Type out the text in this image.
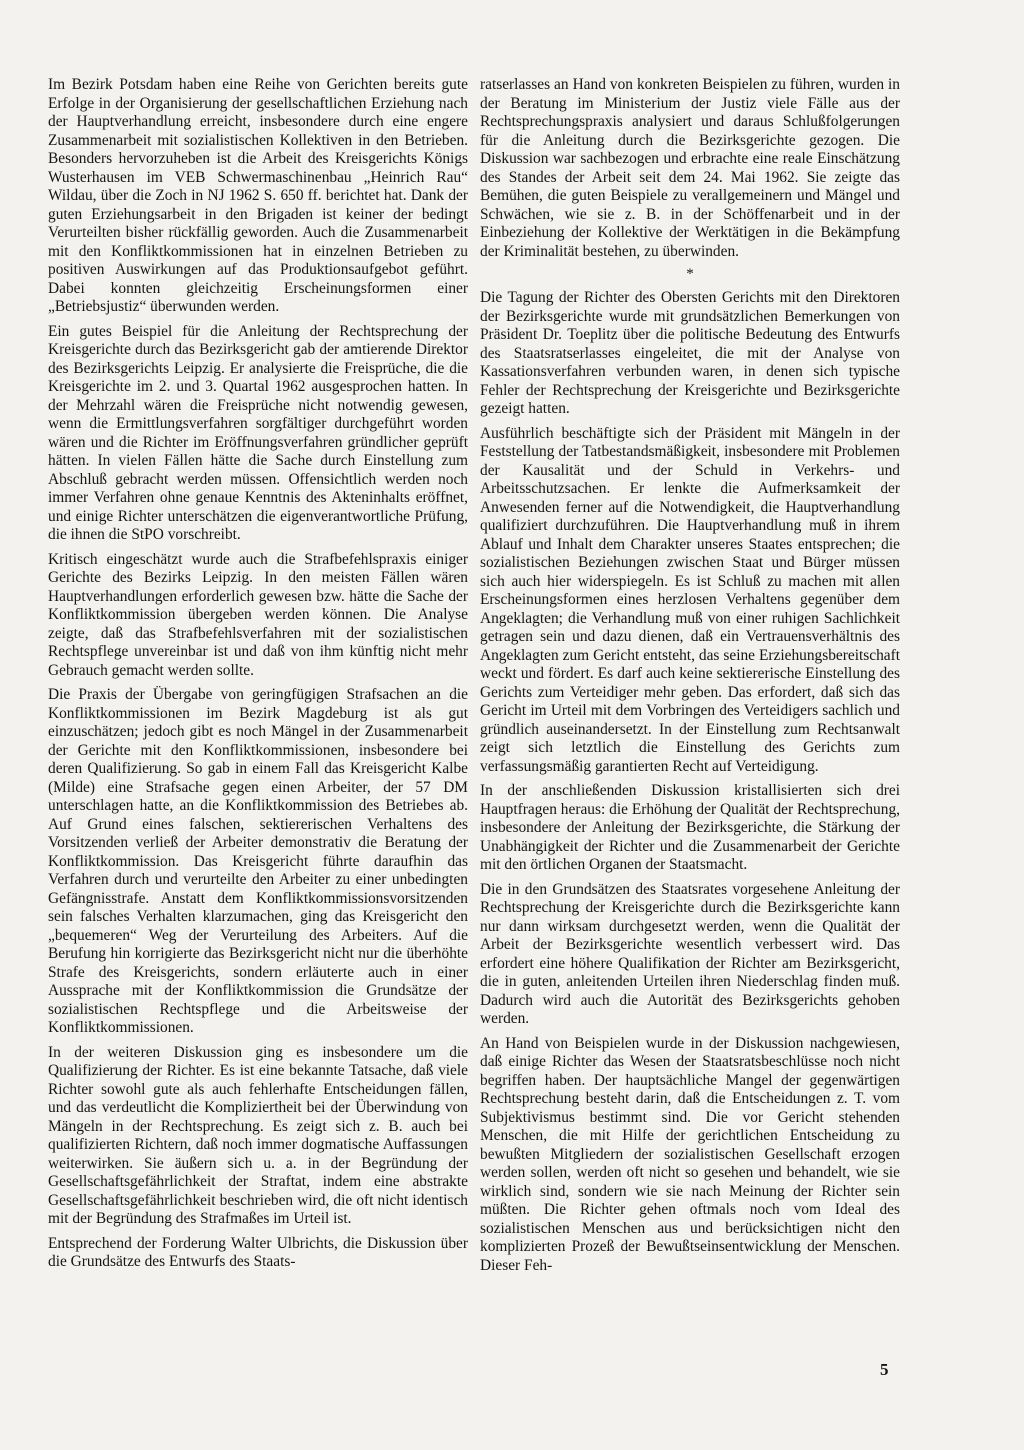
Im Bezirk Potsdam haben eine Reihe von Gerichten bereits gute Erfolge in der Organisierung der gesellschaftlichen Erziehung nach der Hauptverhandlung erreicht, insbesondere durch eine engere Zusammenarbeit mit sozialistischen Kollektiven in den Betrieben. Besonders hervorzuheben ist die Arbeit des Kreisgerichts Königs Wusterhausen im VEB Schwermaschinenbau „Heinrich Rau“ Wildau, über die Zoch in NJ 1962 S. 650 ff. berichtet hat. Dank der guten Erziehungsarbeit in den Brigaden ist keiner der bedingt Verurteilten bisher rückfällig geworden. Auch die Zusammenarbeit mit den Konfliktkommissionen hat in einzelnen Betrieben zu positiven Auswirkungen auf das Produktionsaufgebot geführt. Dabei konnten gleichzeitig Erscheinungsformen einer „Betriebsjustiz“ überwunden werden.

Ein gutes Beispiel für die Anleitung der Rechtsprechung der Kreisgerichte durch das Bezirksgericht gab der amtierende Direktor des Bezirksgerichts Leipzig. Er analysierte die Freisprüche, die die Kreisgerichte im 2. und 3. Quartal 1962 ausgesprochen hatten. In der Mehrzahl wären die Freisprüche nicht notwendig gewesen, wenn die Ermittlungsverfahren sorgfältiger durchgeführt worden wären und die Richter im Eröffnungsverfahren gründlicher geprüft hätten. In vielen Fällen hätte die Sache durch Einstellung zum Abschluß gebracht werden müssen. Offensichtlich werden noch immer Verfahren ohne genaue Kenntnis des Akteninhalts eröffnet, und einige Richter unterschätzen die eigenverantwortliche Prüfung, die ihnen die StPO vorschreibt.

Kritisch eingeschätzt wurde auch die Strafbefehlspraxis einiger Gerichte des Bezirks Leipzig. In den meisten Fällen wären Hauptverhandlungen erforderlich gewesen bzw. hätte die Sache der Konfliktkommission übergeben werden können. Die Analyse zeigte, daß das Strafbefehlsverfahren mit der sozialistischen Rechtspflege unvereinbar ist und daß von ihm künftig nicht mehr Gebrauch gemacht werden sollte.

Die Praxis der Übergabe von geringfügigen Strafsachen an die Konfliktkommissionen im Bezirk Magdeburg ist als gut einzuschätzen; jedoch gibt es noch Mängel in der Zusammenarbeit der Gerichte mit den Konfliktkommissionen, insbesondere bei deren Qualifizierung. So gab in einem Fall das Kreisgericht Kalbe (Milde) eine Strafsache gegen einen Arbeiter, der 57 DM unterschlagen hatte, an die Konfliktkommission des Betriebes ab. Auf Grund eines falschen, sektiererischen Verhaltens des Vorsitzenden verließ der Arbeiter demonstrativ die Beratung der Konfliktkommission. Das Kreisgericht führte daraufhin das Verfahren durch und verurteilte den Arbeiter zu einer unbedingten Gefängnisstrafe. Anstatt dem Konfliktkommissionsvorsitzenden sein falsches Verhalten klarzumachen, ging das Kreisgericht den „bequemeren“ Weg der Verurteilung des Arbeiters. Auf die Berufung hin korrigierte das Bezirksgericht nicht nur die überhöhte Strafe des Kreisgerichts, sondern erläuterte auch in einer Aussprache mit der Konfliktkommission die Grundsätze der sozialistischen Rechtspflege und die Arbeitsweise der Konfliktkommissionen.

In der weiteren Diskussion ging es insbesondere um die Qualifizierung der Richter. Es ist eine bekannte Tatsache, daß viele Richter sowohl gute als auch fehlerhafte Entscheidungen fällen, und das verdeutlicht die Kompliziertheit bei der Überwindung von Mängeln in der Rechtsprechung. Es zeigt sich z. B. auch bei qualifizierten Richtern, daß noch immer dogmatische Auffassungen weiterwirken. Sie äußern sich u. a. in der Begründung der Gesellschaftsgefährlichkeit der Straftat, indem eine abstrakte Gesellschaftsgefährlichkeit beschrieben wird, die oft nicht identisch mit der Begründung des Strafmaßes im Urteil ist.

Entsprechend der Forderung Walter Ulbrichts, die Diskussion über die Grundsätze des Entwurfs des Staats-

ratserlasses an Hand von konkreten Beispielen zu führen, wurden in der Beratung im Ministerium der Justiz viele Fälle aus der Rechtsprechungspraxis analysiert und daraus Schlußfolgerungen für die Anleitung durch die Bezirksgerichte gezogen. Die Diskussion war sachbezogen und erbrachte eine reale Einschätzung des Standes der Arbeit seit dem 24. Mai 1962. Sie zeigte das Bemühen, die guten Beispiele zu verallgemeinern und Mängel und Schwächen, wie sie z. B. in der Schöffenarbeit und in der Einbeziehung der Kollektive der Werktätigen in die Bekämpfung der Kriminalität bestehen, zu überwinden.

*

Die Tagung der Richter des Obersten Gerichts mit den Direktoren der Bezirksgerichte wurde mit grundsätzlichen Bemerkungen von Präsident Dr. Toeplitz über die politische Bedeutung des Entwurfs des Staatsratserlasses eingeleitet, die mit der Analyse von Kassationsverfahren verbunden waren, in denen sich typische Fehler der Rechtsprechung der Kreisgerichte und Bezirksgerichte gezeigt hatten.

Ausführlich beschäftigte sich der Präsident mit Mängeln in der Feststellung der Tatbestandsmäßigkeit, insbesondere mit Problemen der Kausalität und der Schuld in Verkehrs- und Arbeitsschutzsachen. Er lenkte die Aufmerksamkeit der Anwesenden ferner auf die Notwendigkeit, die Hauptverhandlung qualifiziert durchzuführen. Die Hauptverhandlung muß in ihrem Ablauf und Inhalt dem Charakter unseres Staates entsprechen; die sozialistischen Beziehungen zwischen Staat und Bürger müssen sich auch hier widerspiegeln. Es ist Schluß zu machen mit allen Erscheinungsformen eines herzlosen Verhaltens gegenüber dem Angeklagten; die Verhandlung muß von einer ruhigen Sachlichkeit getragen sein und dazu dienen, daß ein Vertrauensverhältnis des Angeklagten zum Gericht entsteht, das seine Erziehungsbereitschaft weckt und fördert. Es darf auch keine sektiererische Einstellung des Gerichts zum Verteidiger mehr geben. Das erfordert, daß sich das Gericht im Urteil mit dem Vorbringen des Verteidigers sachlich und gründlich auseinandersetzt. In der Einstellung zum Rechtsanwalt zeigt sich letztlich die Einstellung des Gerichts zum verfassungsmäßig garantierten Recht auf Verteidigung.

In der anschließenden Diskussion kristallisierten sich drei Hauptfragen heraus: die Erhöhung der Qualität der Rechtsprechung, insbesondere der Anleitung der Bezirksgerichte, die Stärkung der Unabhängigkeit der Richter und die Zusammenarbeit der Gerichte mit den örtlichen Organen der Staatsmacht.

Die in den Grundsätzen des Staatsrates vorgesehene Anleitung der Rechtsprechung der Kreisgerichte durch die Bezirksgerichte kann nur dann wirksam durchgesetzt werden, wenn die Qualität der Arbeit der Bezirksgerichte wesentlich verbessert wird. Das erfordert eine höhere Qualifikation der Richter am Bezirksgericht, die in guten, anleitenden Urteilen ihren Niederschlag finden muß. Dadurch wird auch die Autorität des Bezirksgerichts gehoben werden.

An Hand von Beispielen wurde in der Diskussion nachgewiesen, daß einige Richter das Wesen der Staatsratsbeschlüsse noch nicht begriffen haben. Der hauptsächliche Mangel der gegenwärtigen Rechtsprechung besteht darin, daß die Entscheidungen z. T. vom Subjektivismus bestimmt sind. Die vor Gericht stehenden Menschen, die mit Hilfe der gerichtlichen Entscheidung zu bewußten Mitgliedern der sozialistischen Gesellschaft erzogen werden sollen, werden oft nicht so gesehen und behandelt, wie sie wirklich sind, sondern wie sie nach Meinung der Richter sein müßten. Die Richter gehen oftmals noch vom Ideal des sozialistischen Menschen aus und berücksichtigen nicht den komplizierten Prozeß der Bewußtseinsentwicklung der Menschen. Dieser Feh-

5
